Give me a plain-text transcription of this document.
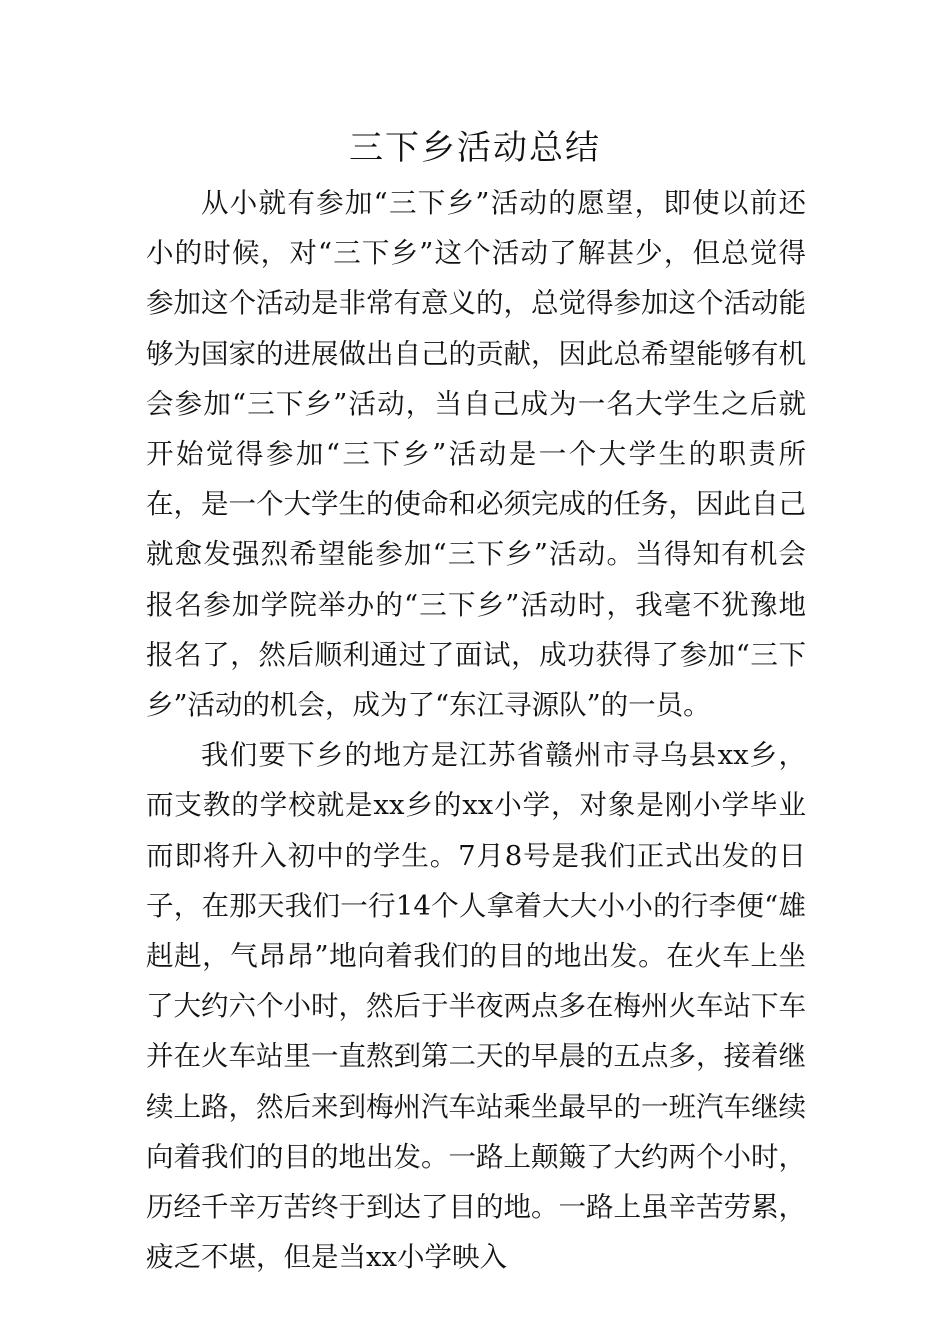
三下乡活动总结

从小就有参加“三下乡”活动的愿望，即使以前还小的时候，对“三下乡”这个活动了解甚少，但总觉得参加这个活动是非常有意义的，总觉得参加这个活动能够为国家的进展做出自己的贡献，因此总希望能够有机会参加“三下乡”活动，当自己成为一名大学生之后就开始觉得参加“三下乡”活动是一个大学生的职责所在，是一个大学生的使命和必须完成的任务，因此自己就愈发强烈希望能参加“三下乡”活动。当得知有机会报名参加学院举办的“三下乡”活动时，我毫不犹豫地报名了，然后顺利通过了面试，成功获得了参加“三下乡”活动的机会，成为了“东江寻源队”的一员。

我们要下乡的地方是江苏省赣州市寻乌县xx乡，而支教的学校就是xx乡的xx小学，对象是刚小学毕业而即将升入初中的学生。7月8号是我们正式出发的日子，在那天我们一行14个人拿着大大小小的行李便“雄赳赳，气昂昂”地向着我们的目的地出发。在火车上坐了大约六个小时，然后于半夜两点多在梅州火车站下车并在火车站里一直熬到第二天的早晨的五点多，接着继续上路，然后来到梅州汽车站乘坐最早的一班汽车继续向着我们的目的地出发。一路上颠簸了大约两个小时，历经千辛万苦终于到达了目的地。一路上虽辛苦劳累，疲乏不堪，但是当xx小学映入
